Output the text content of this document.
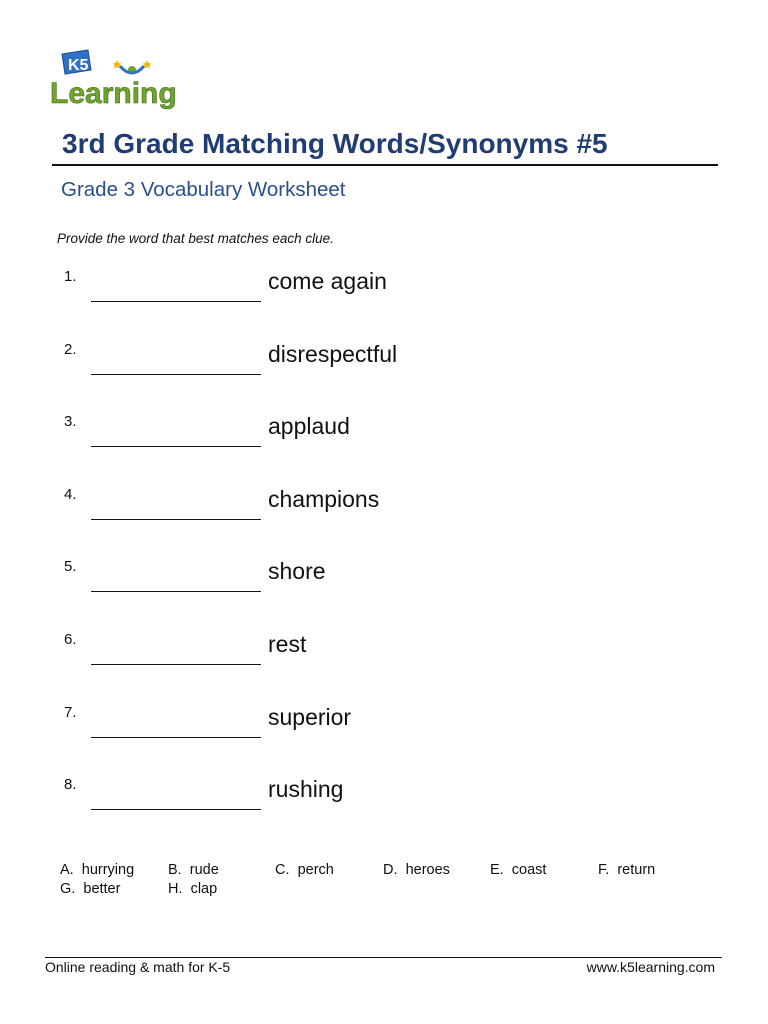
K5
Learning
3rd Grade Matching Words/Synonyms #5
Grade 3 Vocabulary Worksheet

Provide the word that best matches each clue.

1.	come again
2.	disrespectful
3.	applaud
4.	champions
5.	shore
6.	rest
7.	superior
8.	rushing
A. hurrying B. rude	C. perch	D. heroes	E. coast	F. return
G. better	H. clap
Online reading & math for K-5	www.k5learning.com
